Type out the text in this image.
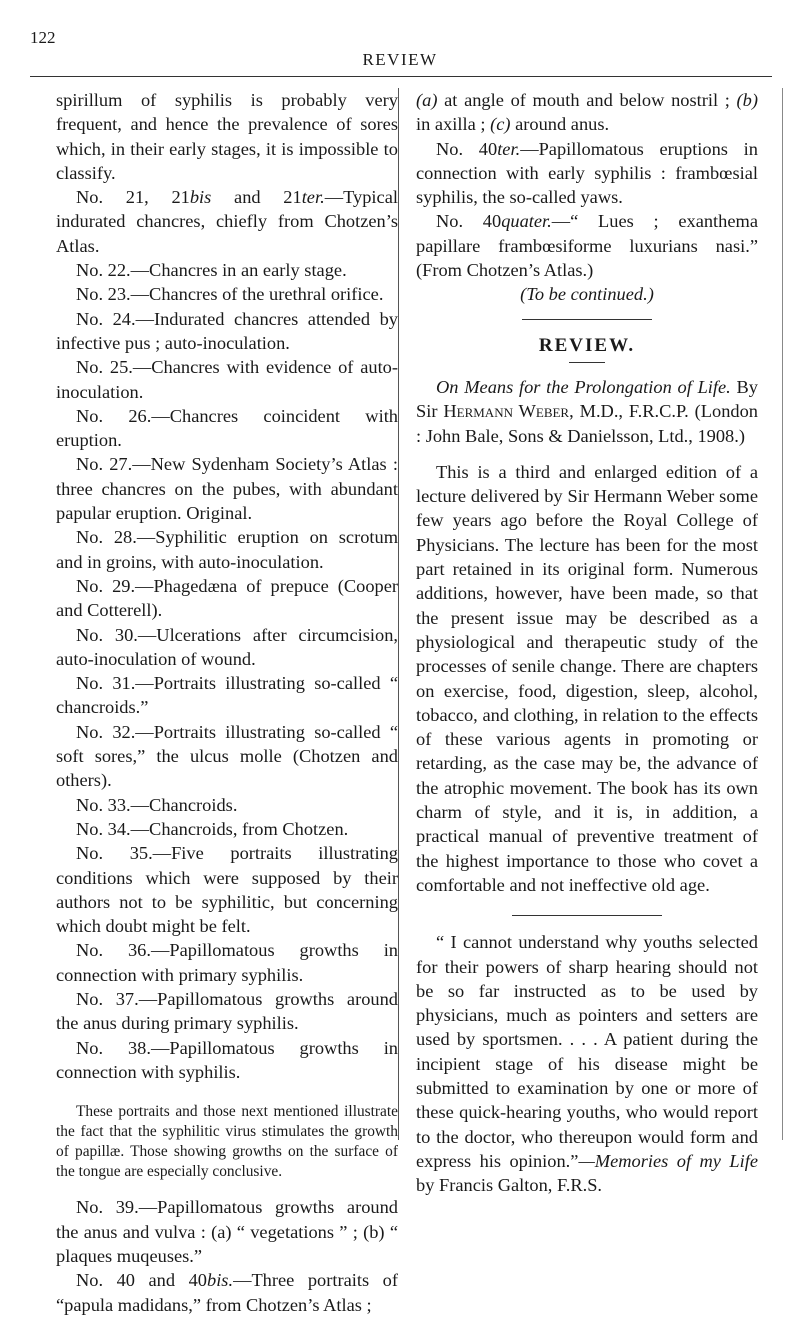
122
REVIEW

spirillum of syphilis is probably very frequent, and hence the prevalence of sores which, in their early stages, it is impossible to classify.

No. 21, 21bis and 21ter.—Typical indurated chancres, chiefly from Chotzen’s Atlas.

No. 22.—Chancres in an early stage.

No. 23.—Chancres of the urethral orifice.

No. 24.—Indurated chancres attended by infective pus ; auto-inoculation.

No. 25.—Chancres with evidence of auto-inoculation.

No. 26.—Chancres coincident with eruption.

No. 27.—New Sydenham Society’s Atlas : three chancres on the pubes, with abundant papular eruption. Original.

No. 28.—Syphilitic eruption on scrotum and in groins, with auto-inoculation.

No. 29.—Phagedæna of prepuce (Cooper and Cotterell).

No. 30.—Ulcerations after circumcision, auto-inoculation of wound.

No. 31.—Portraits illustrating so-called “ chancroids.”

No. 32.—Portraits illustrating so-called “ soft sores,” the ulcus molle (Chotzen and others).

No. 33.—Chancroids.

No. 34.—Chancroids, from Chotzen.

No. 35.—Five portraits illustrating conditions which were supposed by their authors not to be syphilitic, but concerning which doubt might be felt.

No. 36.—Papillomatous growths in connection with primary syphilis.

No. 37.—Papillomatous growths around the anus during primary syphilis.

No. 38.—Papillomatous growths in connection with syphilis.

These portraits and those next mentioned illustrate the fact that the syphilitic virus stimulates the growth of papillæ. Those showing growths on the surface of the tongue are especially conclusive.

No. 39.—Papillomatous growths around the anus and vulva : (a) “ vegetations ” ; (b) “ plaques muqeuses.”

No. 40 and 40bis.—Three portraits of “papula madidans,” from Chotzen’s Atlas ;

(a) at angle of mouth and below nostril ; (b) in axilla ; (c) around anus.

No. 40ter.—Papillomatous eruptions in connection with early syphilis : frambœsial syphilis, the so-called yaws.

No. 40quater.—“ Lues ; exanthema papillare frambœsiforme luxurians nasi.” (From Chotzen’s Atlas.)

(To be continued.)

REVIEW.

On Means for the Prolongation of Life. By Sir Hermann Weber, M.D., F.R.C.P. (London : John Bale, Sons & Danielsson, Ltd., 1908.)

This is a third and enlarged edition of a lecture delivered by Sir Hermann Weber some few years ago before the Royal College of Physicians. The lecture has been for the most part retained in its original form. Numerous additions, however, have been made, so that the present issue may be described as a physiological and therapeutic study of the processes of senile change. There are chapters on exercise, food, digestion, sleep, alcohol, tobacco, and clothing, in relation to the effects of these various agents in promoting or retarding, as the case may be, the advance of the atrophic movement. The book has its own charm of style, and it is, in addition, a practical manual of preventive treatment of the highest importance to those who covet a comfortable and not ineffective old age.

“ I cannot understand why youths selected for their powers of sharp hearing should not be so far instructed as to be used by physicians, much as pointers and setters are used by sportsmen. . . . A patient during the incipient stage of his disease might be submitted to examination by one or more of these quick-hearing youths, who would report to the doctor, who thereupon would form and express his opinion.”—Memories of my Life by Francis Galton, F.R.S.
